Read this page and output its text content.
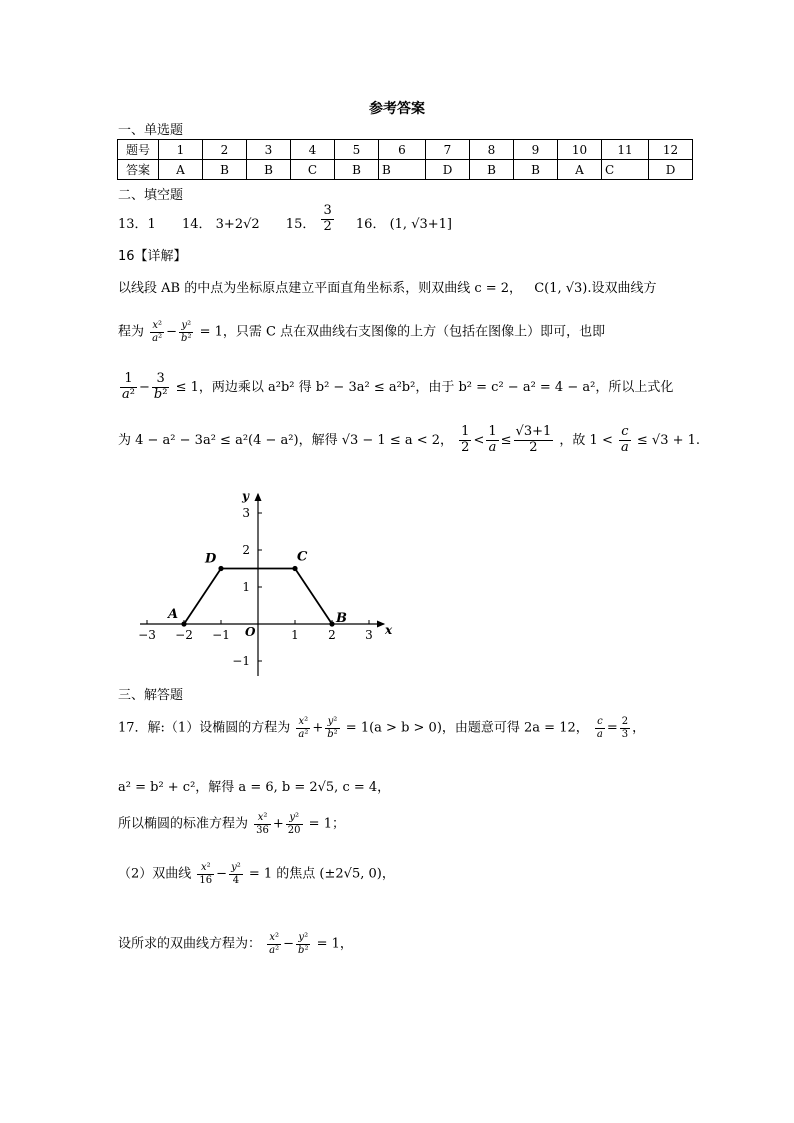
参考答案
一、单选题
题号	1	2	3	4	5	6	7	8	9	10	11	12
答案	A	B	B	C	B	B	D	B	B	A	C	D
二、填空题
13．1 14． 3+2√2 15． $\frac{3}{2} 16$． (1, √3+1]
16【详解】
以线段 AB 的中点为坐标原点建立平面直角坐标系，则双曲线 c = 2， C(1, √3).设双曲线方
程为 $\frac{\text{x²}}{\text{a²}} - \frac{\text{y²}}{\text{b²}} = 1$，只需 C 点在双曲线右支图像的上方（包括在图像上）即可，也即
$\frac{1}{\text{a²}} - \frac{3}{\text{b²}} \le 1$，两边乘以 a²b² 得 b² − 3a² ≤ a²b²，由于 b² = c² − a² = 4 − a²，所以上式化
为 4 − a² − 3a² ≤ a²(4 − a²)，解得 √3 − 1 ≤ a < 2， $\frac{1}{2} < \frac{1}{a} \le \frac{√3+1}{2}$ ，故 $1 < \frac{c}{a} \le √3 + 1$.
−3 −2 −1	1 2 3
3
2
1
−1
A
D	C
B
x
y
O
三、解答题
17．解:（1）设椭圆的方程为 $\frac{\text{x²}}{\text{a²}} + \frac{\text{y²}}{\text{b²}} = 1(a > b > 0)$，由题意可得 2a = 12， $\frac{c}{a} = \frac{2}{3}$ ，
a² = b² + c²，解得 a = 6, b = 2√5, c = 4，
所以椭圆的标准方程为 $\frac{\text{x²}}{36} + \frac{\text{y²}}{20} = 1$；
（2）双曲线 $\frac{\text{x²}}{16} - \frac{\text{y²}}{4} = 1$ 的焦点 (±2√5, 0)，
设所求的双曲线方程为： $\frac{\text{x²}}{\text{a²}} - \frac{\text{y²}}{\text{b²}} = 1$，
